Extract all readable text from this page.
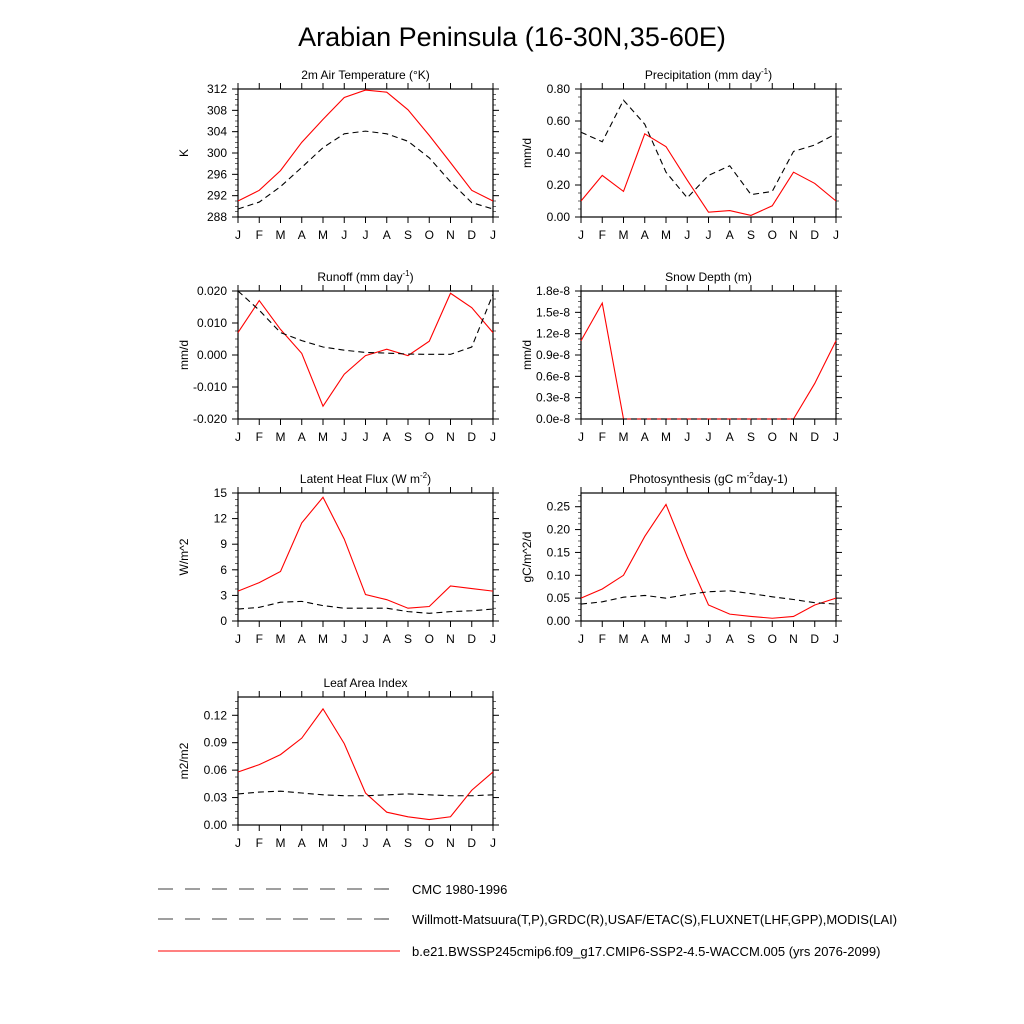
Arabian Peninsula (16-30N,35-60E)
2m Air Temperature (°K)
J F M A M J J A S O N D J
288
292
296
300
304
308
312
K
Precipitation (mm day$^{-1}$)
J F M A M J J A S O N D J
0.00
0.20
0.40
0.60
0.80
mm/d
Runoff (mm day$^{-1}$)
J F M A M J J A S O N D J
-0.020
-0.010
0.000
0.010
0.020
mm/d
Snow Depth (m)
J F M A M J J A S O N D J
0.0e-8
0.3e-8
0.6e-8
0.9e-8
1.2e-8
1.5e-8
1.8e-8
mm/d
Latent Heat Flux (W $m^{-2}$)
J F M A M J J A S O N D J
0
3
6
9
12
15
W/m^2
Photosynthesis (gC $m^{-2}day-1$)
J F M A M J J A S O N D J
0.00
0.05
0.10
0.15
0.20
0.25
gC/m^2/d
Leaf Area Index
J F M A M J J A S O N D J
0.00
0.03
0.06
0.09
0.12
m2/m2
CMC 1980-1996
Willmott-Matsuura(T,P),GRDC(R),USAF/ETAC(S),FLUXNET(LHF,GPP),MODIS(LAI)
b.e21.BWSSP245cmip6.f09_g17.CMIP6-SSP2-4.5-WACCM.005 (yrs 2076-2099)
